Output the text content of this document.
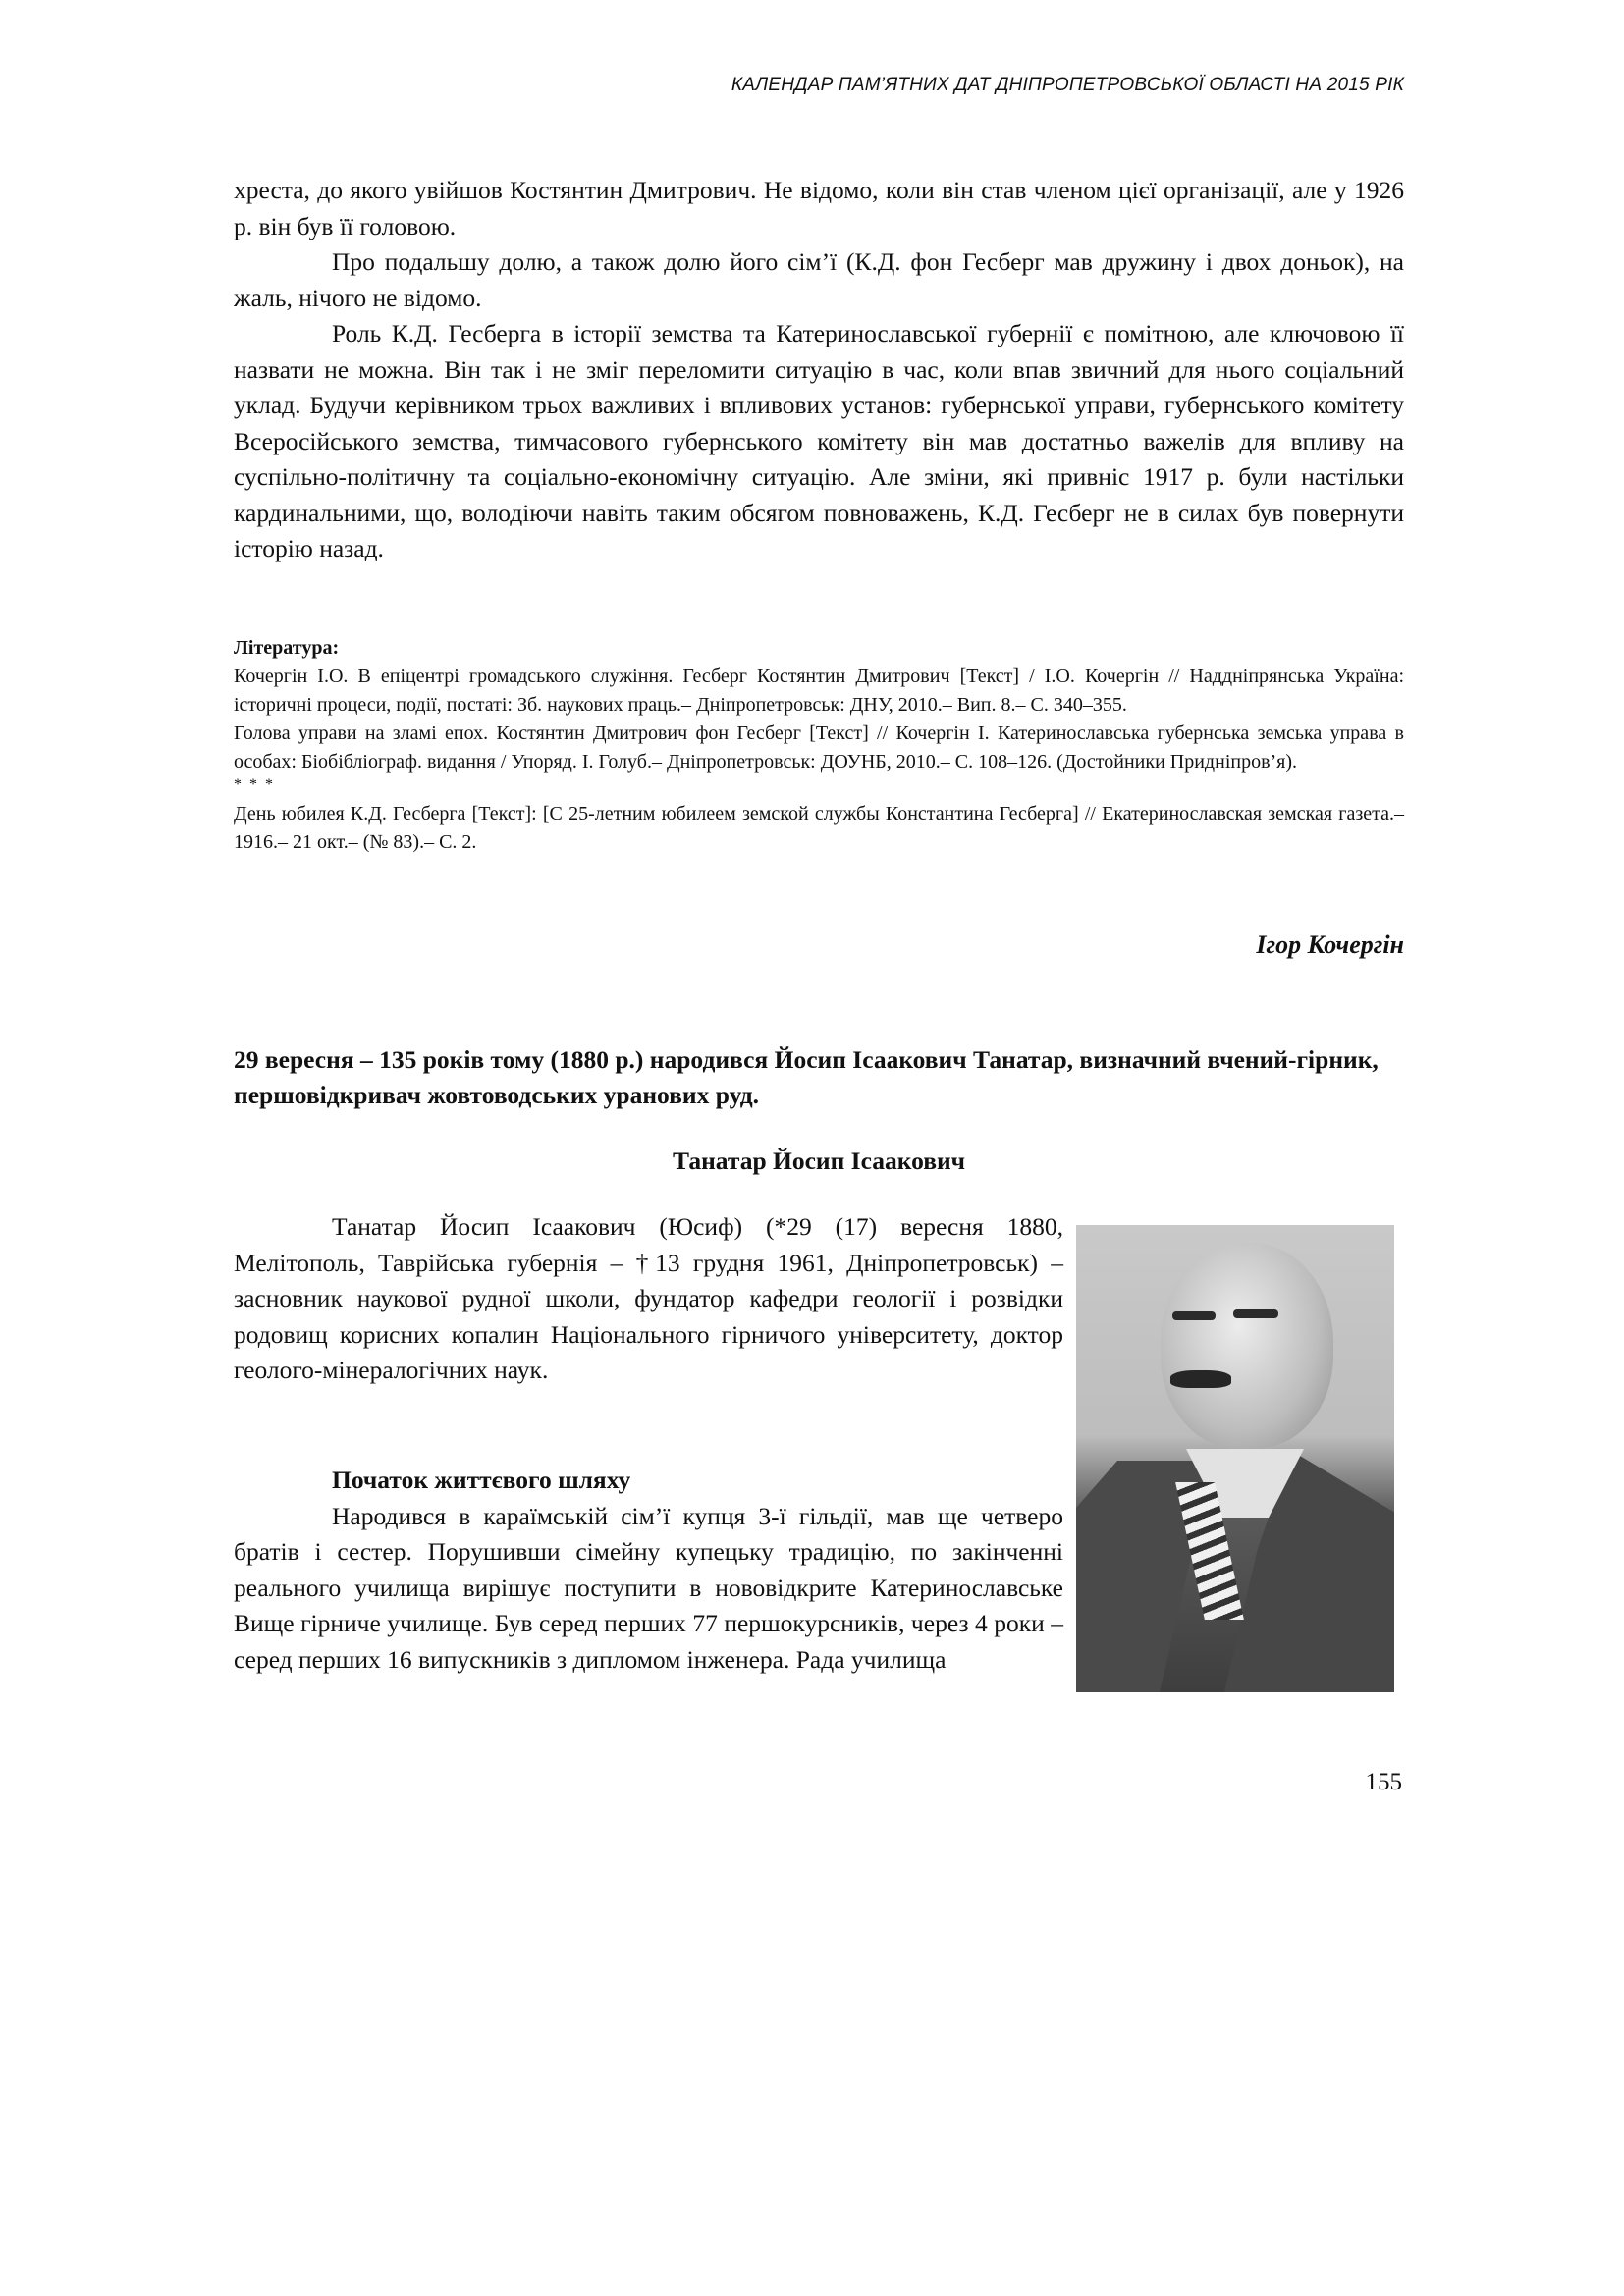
КАЛЕНДАР ПАМ’ЯТНИХ ДАТ ДНІПРОПЕТРОВСЬКОЇ ОБЛАСТІ НА 2015 РІК

хреста, до якого увійшов Костянтин Дмитрович. Не відомо, коли він став членом цієї організації, але у 1926 р. він був її головою.

Про подальшу долю, а також долю його сім’ї (К.Д. фон Гесберг мав дружину і двох доньок), на жаль, нічого не відомо.

Роль К.Д. Гесберга в історії земства та Катеринославської губернії є помітною, але ключовою її назвати не можна. Він так і не зміг переломити ситуацію в час, коли впав звичний для нього соціальний уклад. Будучи керівником трьох важливих і впливових установ: губернської управи, губернського комітету Всеросійського земства, тимчасового губернського комітету він мав достатньо важелів для впливу на суспільно-політичну та соціально-економічну ситуацію. Але зміни, які привніс 1917 р. були настільки кардинальними, що, володіючи навіть таким обсягом повноважень, К.Д. Гесберг не в силах був повернути історію назад.

Література:

Кочергін І.О. В епіцентрі громадського служіння. Гесберг Костянтин Дмитрович [Текст] / І.О. Кочергін // Наддніпрянська Україна: історичні процеси, події, постаті: Зб. наукових праць.– Дніпропетровськ: ДНУ, 2010.– Вип. 8.– С. 340–355.

Голова управи на зламі епох. Костянтин Дмитрович фон Гесберг [Текст] // Кочергін І. Катеринославська губернська земська управа в особах: Біобібліограф. видання / Упоряд. І. Голуб.– Дніпропетровськ: ДОУНБ, 2010.– С. 108–126. (Достойники Придніпров’я).

* * *

День юбилея К.Д. Гесберга [Текст]: [С 25-летним юбилеем земской службы Константина Гесберга] // Екатеринославская земская газета.– 1916.– 21 окт.– (№ 83).– С. 2.

Ігор Кочергін
29 вересня – 135 років тому (1880 р.) народився Йосип Ісаакович Танатар, визначний вчений-гірник, першовідкривач жовтоводських уранових руд.
Танатар Йосип Ісаакович

Танатар Йосип Ісаакович (Юсиф) (*29 (17) вересня 1880, Мелітополь, Таврійська губернія – †13 грудня 1961, Дніпропетровськ) – засновник наукової рудної школи, фундатор кафедри геології і розвідки родовищ корисних копалин Національного гірничого університету, доктор геолого-мінералогічних наук.

Початок життєвого шляху

Народився в караїмській сім’ї купця 3-ї гільдії, мав ще четверо братів і сестер. Порушивши сімейну купецьку традицію, по закінченні реального училища вирішує поступити в нововідкрите Катеринославське Вище гірниче училище. Був серед перших 77 першокурсників, через 4 роки – серед перших 16 випускників з дипломом інженера. Рада училища

155
